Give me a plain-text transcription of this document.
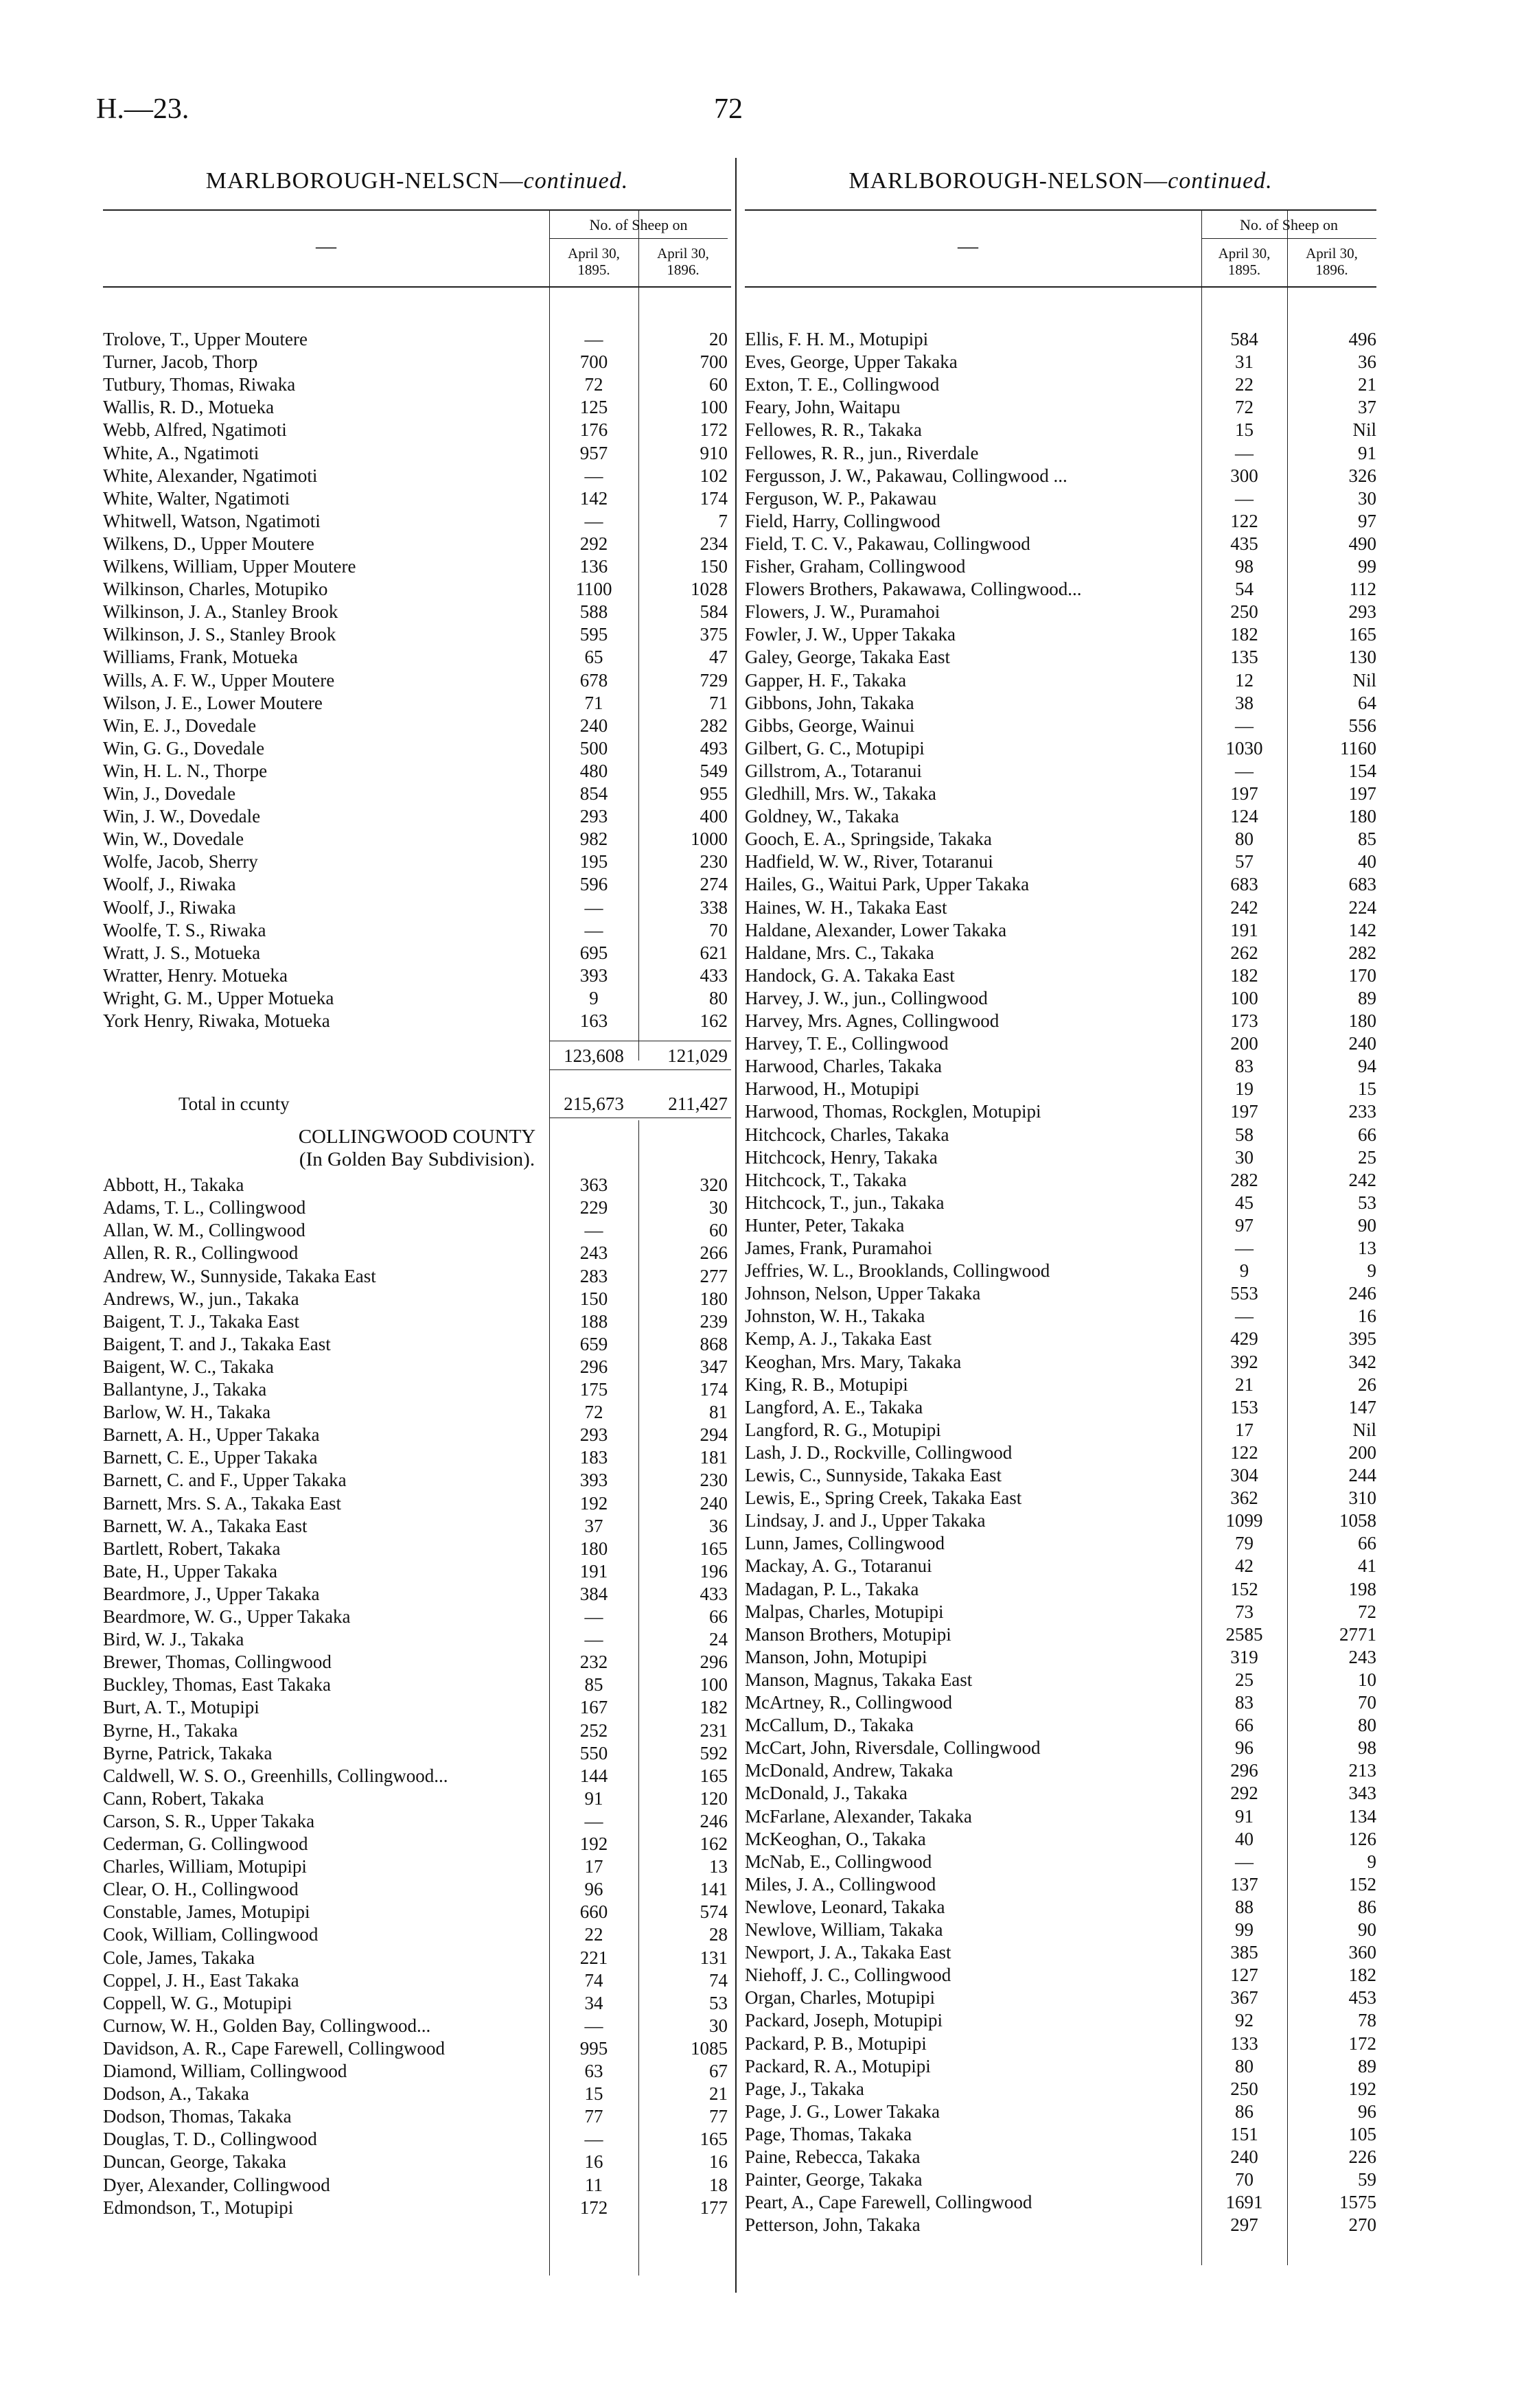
H.—23.	72
MARLBOROUGH-NELSCN—continued.
—
No. of Sheep on
April 30,
1895.
April 30,
1896.
Trolove, T., Upper Moutere	—	20
Turner, Jacob, Thorp	700	700
Tutbury, Thomas, Riwaka	72	60
Wallis, R. D., Motueka	125	100
Webb, Alfred, Ngatimoti	176	172
White, A., Ngatimoti	957	910
White, Alexander, Ngatimoti	—	102
White, Walter, Ngatimoti	142	174
Whitwell, Watson, Ngatimoti	—	7
Wilkens, D., Upper Moutere	292	234
Wilkens, William, Upper Moutere	136	150
Wilkinson, Charles, Motupiko	1100	1028
Wilkinson, J. A., Stanley Brook	588	584
Wilkinson, J. S., Stanley Brook	595	375
Williams, Frank, Motueka	65	47
Wills, A. F. W., Upper Moutere	678	729
Wilson, J. E., Lower Moutere	71	71
Win, E. J., Dovedale	240	282
Win, G. G., Dovedale	500	493
Win, H. L. N., Thorpe	480	549
Win, J., Dovedale	854	955
Win, J. W., Dovedale	293	400
Win, W., Dovedale	982	1000
Wolfe, Jacob, Sherry	195	230
Woolf, J., Riwaka	596	274
Woolf, J., Riwaka	—	338
Woolfe, T. S., Riwaka	—	70
Wratt, J. S., Motueka	695	621
Wratter, Henry. Motueka	393	433
Wright, G. M., Upper Motueka	9	80
York Henry, Riwaka, Motueka	163	162
123,608	121,029
Total in ccunty	215,673	211,427
COLLINGWOOD COUNTY
(In Golden Bay Subdivision).
Abbott, H., Takaka	363	320
Adams, T. L., Collingwood	229	30
Allan, W. M., Collingwood	—	60
Allen, R. R., Collingwood	243	266
Andrew, W., Sunnyside, Takaka East	283	277
Andrews, W., jun., Takaka	150	180
Baigent, T. J., Takaka East	188	239
Baigent, T. and J., Takaka East	659	868
Baigent, W. C., Takaka	296	347
Ballantyne, J., Takaka	175	174
Barlow, W. H., Takaka	72	81
Barnett, A. H., Upper Takaka	293	294
Barnett, C. E., Upper Takaka	183	181
Barnett, C. and F., Upper Takaka	393	230
Barnett, Mrs. S. A., Takaka East	192	240
Barnett, W. A., Takaka East	37	36
Bartlett, Robert, Takaka	180	165
Bate, H., Upper Takaka	191	196
Beardmore, J., Upper Takaka	384	433
Beardmore, W. G., Upper Takaka	—	66
Bird, W. J., Takaka	—	24
Brewer, Thomas, Collingwood	232	296
Buckley, Thomas, East Takaka	85	100
Burt, A. T., Motupipi	167	182
Byrne, H., Takaka	252	231
Byrne, Patrick, Takaka	550	592
Caldwell, W. S. O., Greenhills, Collingwood...	144	165
Cann, Robert, Takaka	91	120
Carson, S. R., Upper Takaka	—	246
Cederman, G. Collingwood	192	162
Charles, William, Motupipi	17	13
Clear, O. H., Collingwood	96	141
Constable, James, Motupipi	660	574
Cook, William, Collingwood	22	28
Cole, James, Takaka	221	131
Coppel, J. H., East Takaka	74	74
Coppell, W. G., Motupipi	34	53
Curnow, W. H., Golden Bay, Collingwood...	—	30
Davidson, A. R., Cape Farewell, Collingwood	995	1085
Diamond, William, Collingwood	63	67
Dodson, A., Takaka	15	21
Dodson, Thomas, Takaka	77	77
Douglas, T. D., Collingwood	—	165
Duncan, George, Takaka	16	16
Dyer, Alexander, Collingwood	11	18
Edmondson, T., Motupipi	172	177
MARLBOROUGH-NELSON—continued.
—
No. of Sheep on
April 30,
1895.
April 30,
1896.
Ellis, F. H. M., Motupipi	584	496
Eves, George, Upper Takaka	31	36
Exton, T. E., Collingwood	22	21
Feary, John, Waitapu	72	37
Fellowes, R. R., Takaka	15	Nil
Fellowes, R. R., jun., Riverdale	—	91
Fergusson, J. W., Pakawau, Collingwood ...	300	326
Ferguson, W. P., Pakawau	—	30
Field, Harry, Collingwood	122	97
Field, T. C. V., Pakawau, Collingwood	435	490
Fisher, Graham, Collingwood	98	99
Flowers Brothers, Pakawawa, Collingwood...	54	112
Flowers, J. W., Puramahoi	250	293
Fowler, J. W., Upper Takaka	182	165
Galey, George, Takaka East	135	130
Gapper, H. F., Takaka	12	Nil
Gibbons, John, Takaka	38	64
Gibbs, George, Wainui	—	556
Gilbert, G. C., Motupipi	1030	1160
Gillstrom, A., Totaranui	—	154
Gledhill, Mrs. W., Takaka	197	197
Goldney, W., Takaka	124	180
Gooch, E. A., Springside, Takaka	80	85
Hadfield, W. W., River, Totaranui	57	40
Hailes, G., Waitui Park, Upper Takaka	683	683
Haines, W. H., Takaka East	242	224
Haldane, Alexander, Lower Takaka	191	142
Haldane, Mrs. C., Takaka	262	282
Handock, G. A. Takaka East	182	170
Harvey, J. W., jun., Collingwood	100	89
Harvey, Mrs. Agnes, Collingwood	173	180
Harvey, T. E., Collingwood	200	240
Harwood, Charles, Takaka	83	94
Harwood, H., Motupipi	19	15
Harwood, Thomas, Rockglen, Motupipi	197	233
Hitchcock, Charles, Takaka	58	66
Hitchcock, Henry, Takaka	30	25
Hitchcock, T., Takaka	282	242
Hitchcock, T., jun., Takaka	45	53
Hunter, Peter, Takaka	97	90
James, Frank, Puramahoi	—	13
Jeffries, W. L., Brooklands, Collingwood	9	9
Johnson, Nelson, Upper Takaka	553	246
Johnston, W. H., Takaka	—	16
Kemp, A. J., Takaka East	429	395
Keoghan, Mrs. Mary, Takaka	392	342
King, R. B., Motupipi	21	26
Langford, A. E., Takaka	153	147
Langford, R. G., Motupipi	17	Nil
Lash, J. D., Rockville, Collingwood	122	200
Lewis, C., Sunnyside, Takaka East	304	244
Lewis, E., Spring Creek, Takaka East	362	310
Lindsay, J. and J., Upper Takaka	1099	1058
Lunn, James, Collingwood	79	66
Mackay, A. G., Totaranui	42	41
Madagan, P. L., Takaka	152	198
Malpas, Charles, Motupipi	73	72
Manson Brothers, Motupipi	2585	2771
Manson, John, Motupipi	319	243
Manson, Magnus, Takaka East	25	10
McArtney, R., Collingwood	83	70
McCallum, D., Takaka	66	80
McCart, John, Riversdale, Collingwood	96	98
McDonald, Andrew, Takaka	296	213
McDonald, J., Takaka	292	343
McFarlane, Alexander, Takaka	91	134
McKeoghan, O., Takaka	40	126
McNab, E., Collingwood	—	9
Miles, J. A., Collingwood	137	152
Newlove, Leonard, Takaka	88	86
Newlove, William, Takaka	99	90
Newport, J. A., Takaka East	385	360
Niehoff, J. C., Collingwood	127	182
Organ, Charles, Motupipi	367	453
Packard, Joseph, Motupipi	92	78
Packard, P. B., Motupipi	133	172
Packard, R. A., Motupipi	80	89
Page, J., Takaka	250	192
Page, J. G., Lower Takaka	86	96
Page, Thomas, Takaka	151	105
Paine, Rebecca, Takaka	240	226
Painter, George, Takaka	70	59
Peart, A., Cape Farewell, Collingwood	1691	1575
Petterson, John, Takaka	297	270
